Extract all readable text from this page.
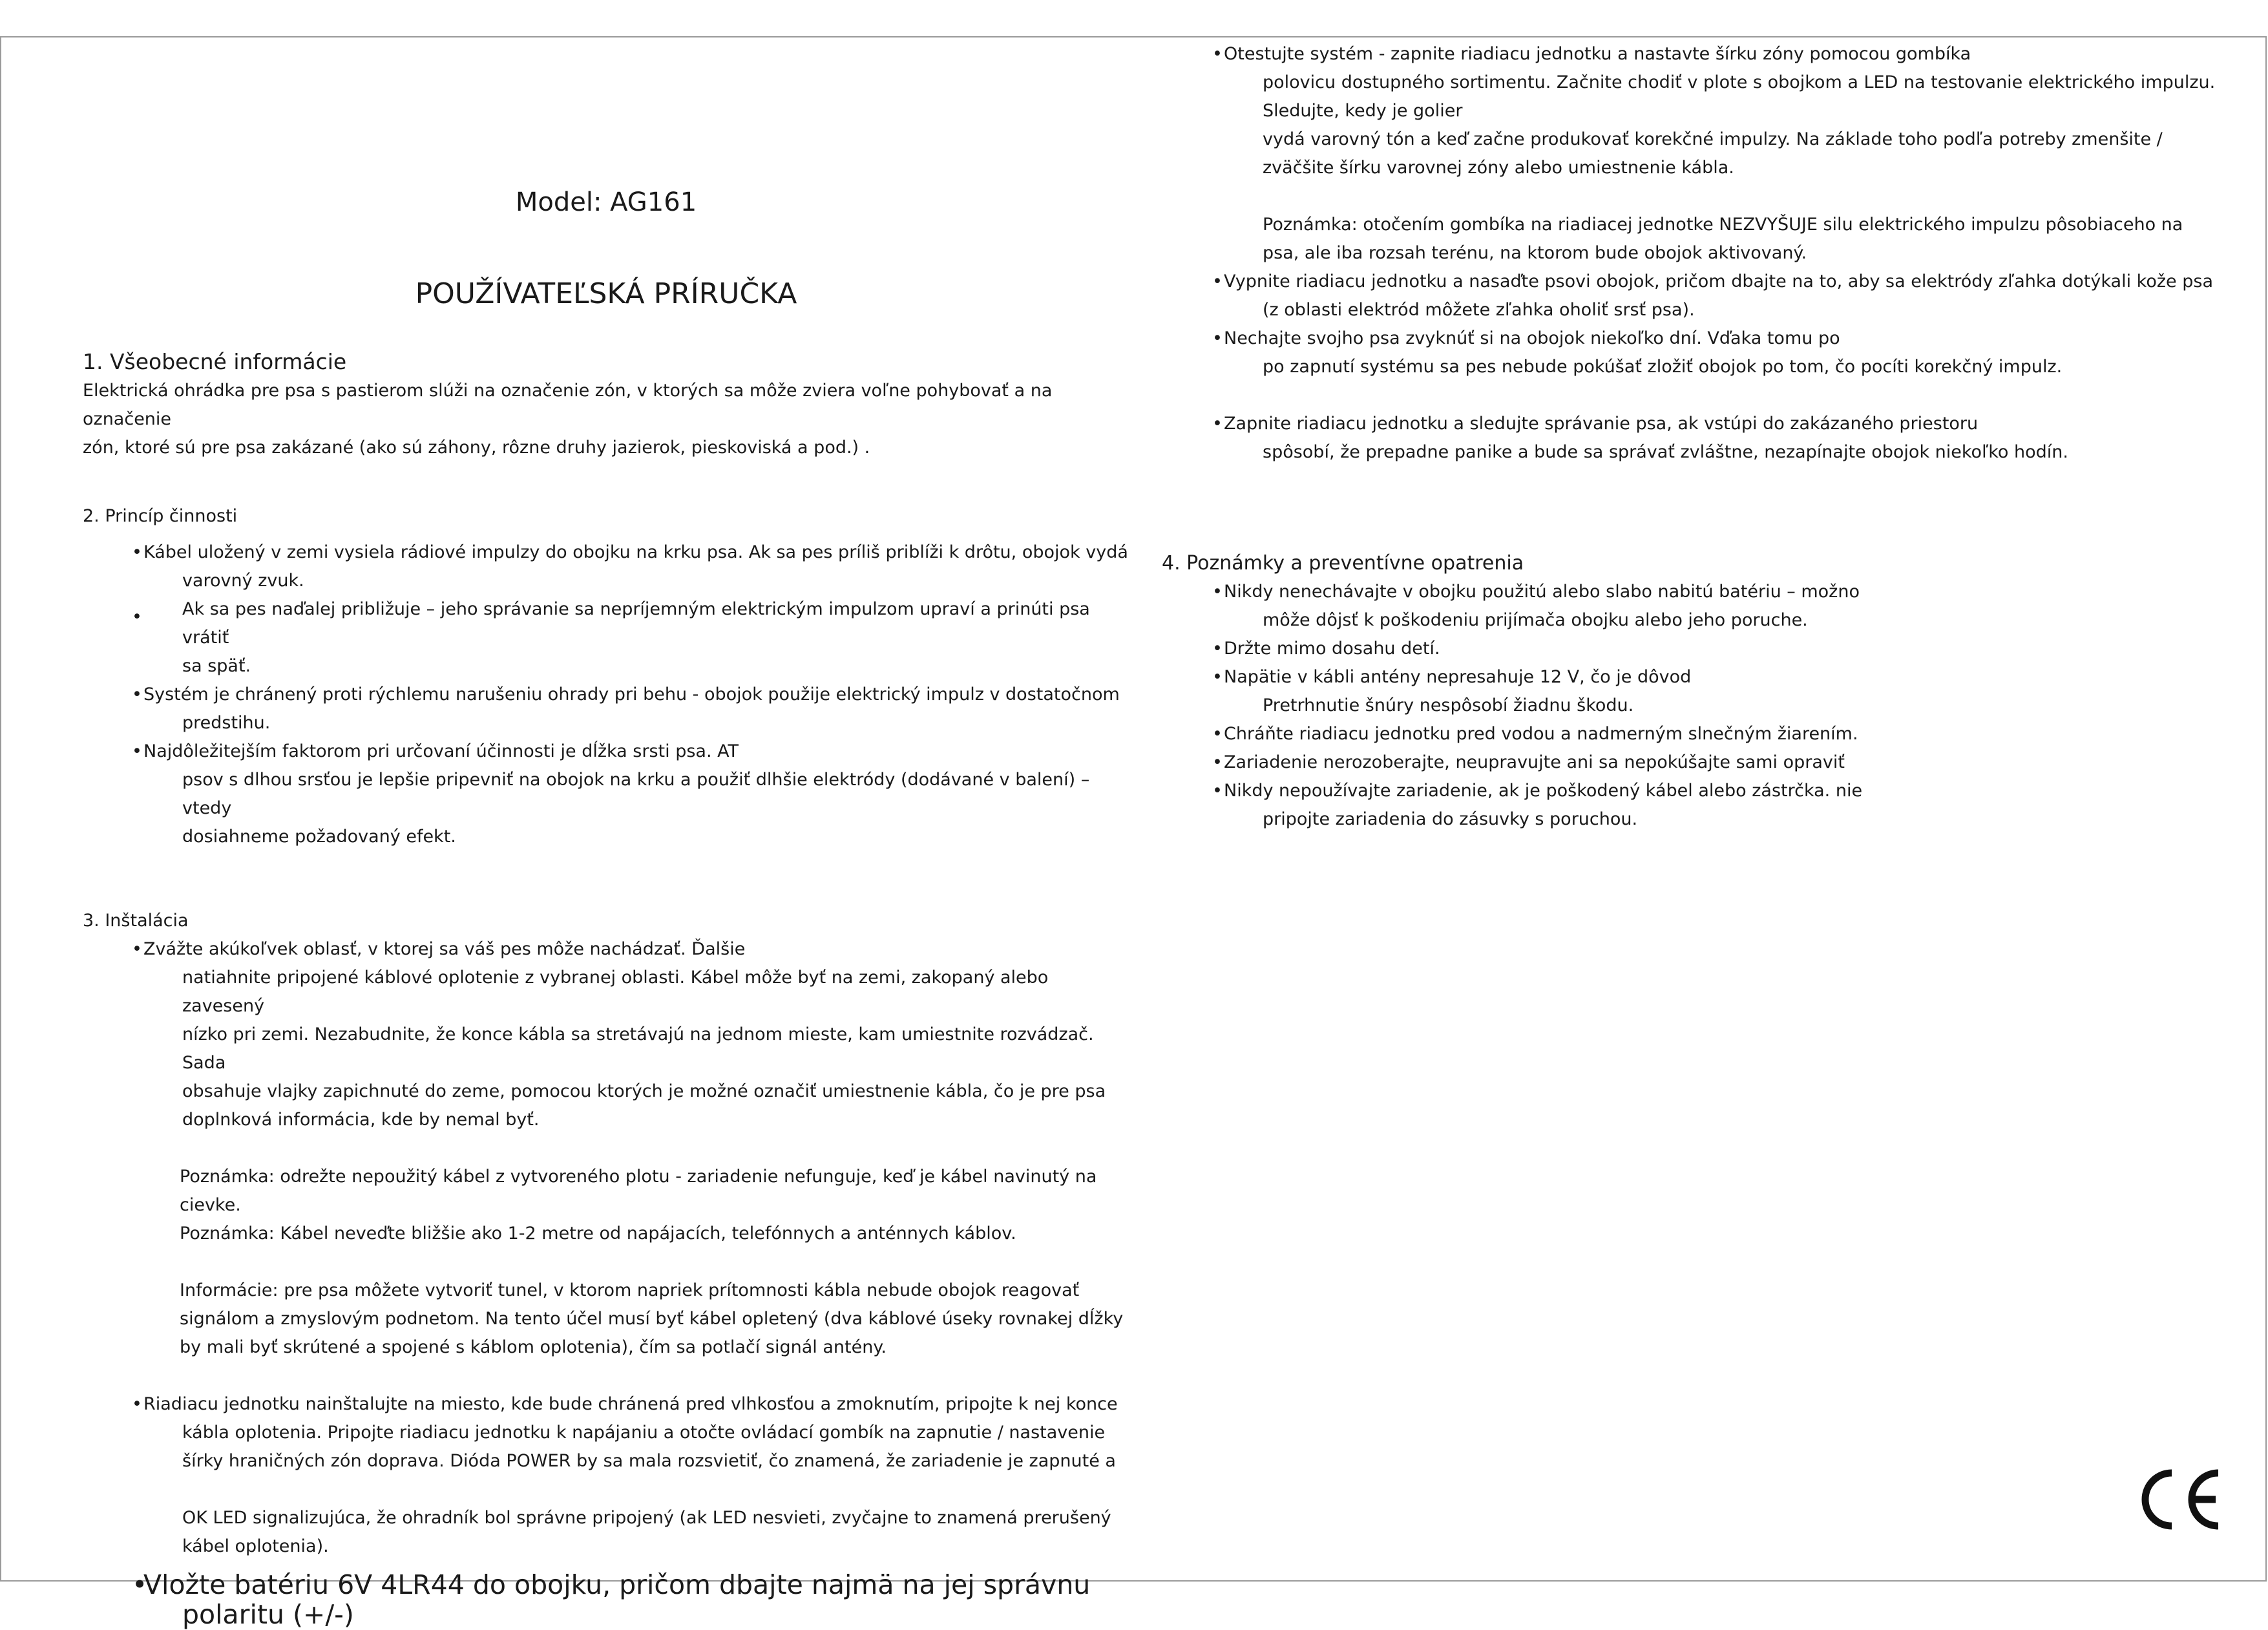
Model: AG161
POUŽÍVATEĽSKÁ PRÍRUČKA
1. Všeobecné informácie

Elektrická ohrádka pre psa s pastierom slúži na označenie zón, v ktorých sa môže zviera voľne pohybovať a na označenie

zón, ktoré sú pre psa zakázané (ako sú záhony, rôzne druhy jazierok, pieskoviská a pod.) .

2. Princíp činnosti
• Kábel uložený v zemi vysiela rádiové impulzy do obojku na krku psa. Ak sa pes príliš priblíži k drôtu, obojok vydá
varovný zvuk.
•	Ak sa pes naďalej približuje – jeho správanie sa nepríjemným elektrickým impulzom upraví a prinúti psa vrátiť
sa späť.
• Systém je chránený proti rýchlemu narušeniu ohrady pri behu - obojok použije elektrický impulz v dostatočnom
predstihu.
• Najdôležitejším faktorom pri určovaní účinnosti je dĺžka srsti psa. AT
psov s dlhou srsťou je lepšie pripevniť na obojok na krku a použiť dlhšie elektródy (dodávané v balení) – vtedy
dosiahneme požadovaný efekt.
3. Inštalácia
• Zvážte akúkoľvek oblasť, v ktorej sa váš pes môže nachádzať. Ďalšie
natiahnite pripojené káblové oplotenie z vybranej oblasti. Kábel môže byť na zemi, zakopaný alebo zavesený
nízko pri zemi. Nezabudnite, že konce kábla sa stretávajú na jednom mieste, kam umiestnite rozvádzač. Sada
obsahuje vlajky zapichnuté do zeme, pomocou ktorých je možné označiť umiestnenie kábla, čo je pre psa
doplnková informácia, kde by nemal byť.

Poznámka: odrežte nepoužitý kábel z vytvoreného plotu - zariadenie nefunguje, keď je kábel navinutý na

cievke.

Poznámka: Kábel neveďte bližšie ako 1-2 metre od napájacích, telefónnych a anténnych káblov.

Informácie: pre psa môžete vytvoriť tunel, v ktorom napriek prítomnosti kábla nebude obojok reagovať

signálom a zmyslovým podnetom. Na tento účel musí byť kábel opletený (dva káblové úseky rovnakej dĺžky

by mali byť skrútené a spojené s káblom oplotenia), čím sa potlačí signál antény.

• Riadiacu jednotku nainštalujte na miesto, kde bude chránená pred vlhkosťou a zmoknutím, pripojte k nej konce
kábla oplotenia. Pripojte riadiacu jednotku k napájaniu a otočte ovládací gombík na zapnutie / nastavenie
šírky hraničných zón doprava. Dióda POWER by sa mala rozsvietiť, čo znamená, že zariadenie je zapnuté a
OK LED signalizujúca, že ohradník bol správne pripojený (ak LED nesvieti, zvyčajne to znamená prerušený
kábel oplotenia).
•
Vložte batériu 6V 4LR44 do obojku, pričom dbajte najmä na jej správnu
polaritu (+/-)
• Otestujte systém - zapnite riadiacu jednotku a nastavte šírku zóny pomocou gombíka
polovicu dostupného sortimentu. Začnite chodiť v plote s obojkom a LED na testovanie elektrického impulzu.
Sledujte, kedy je golier
vydá varovný tón a keď začne produkovať korekčné impulzy. Na základe toho podľa potreby zmenšite /
zväčšite šírku varovnej zóny alebo umiestnenie kábla.

Poznámka: otočením gombíka na riadiacej jednotke NEZVYŠUJE silu elektrického impulzu pôsobiaceho na

psa, ale iba rozsah terénu, na ktorom bude obojok aktivovaný.

• Vypnite riadiacu jednotku a nasaďte psovi obojok, pričom dbajte na to, aby sa elektródy zľahka dotýkali kože psa
(z oblasti elektród môžete zľahka oholiť srsť psa).
• Nechajte svojho psa zvyknúť si na obojok niekoľko dní. Vďaka tomu po
po zapnutí systému sa pes nebude pokúšať zložiť obojok po tom, čo pocíti korekčný impulz.
• Zapnite riadiacu jednotku a sledujte správanie psa, ak vstúpi do zakázaného priestoru
spôsobí, že prepadne panike a bude sa správať zvláštne, nezapínajte obojok niekoľko hodín.
4. Poznámky a preventívne opatrenia
• Nikdy nenechávajte v obojku použitú alebo slabo nabitú batériu – možno
môže dôjsť k poškodeniu prijímača obojku alebo jeho poruche.
• Držte mimo dosahu detí.
• Napätie v kábli antény nepresahuje 12 V, čo je dôvod
Pretrhnutie šnúry nespôsobí žiadnu škodu.
• Chráňte riadiacu jednotku pred vodou a nadmerným slnečným žiarením.
• Zariadenie nerozoberajte, neupravujte ani sa nepokúšajte sami opraviť
• Nikdy nepoužívajte zariadenie, ak je poškodený kábel alebo zástrčka. nie
pripojte zariadenia do zásuvky s poruchou.
